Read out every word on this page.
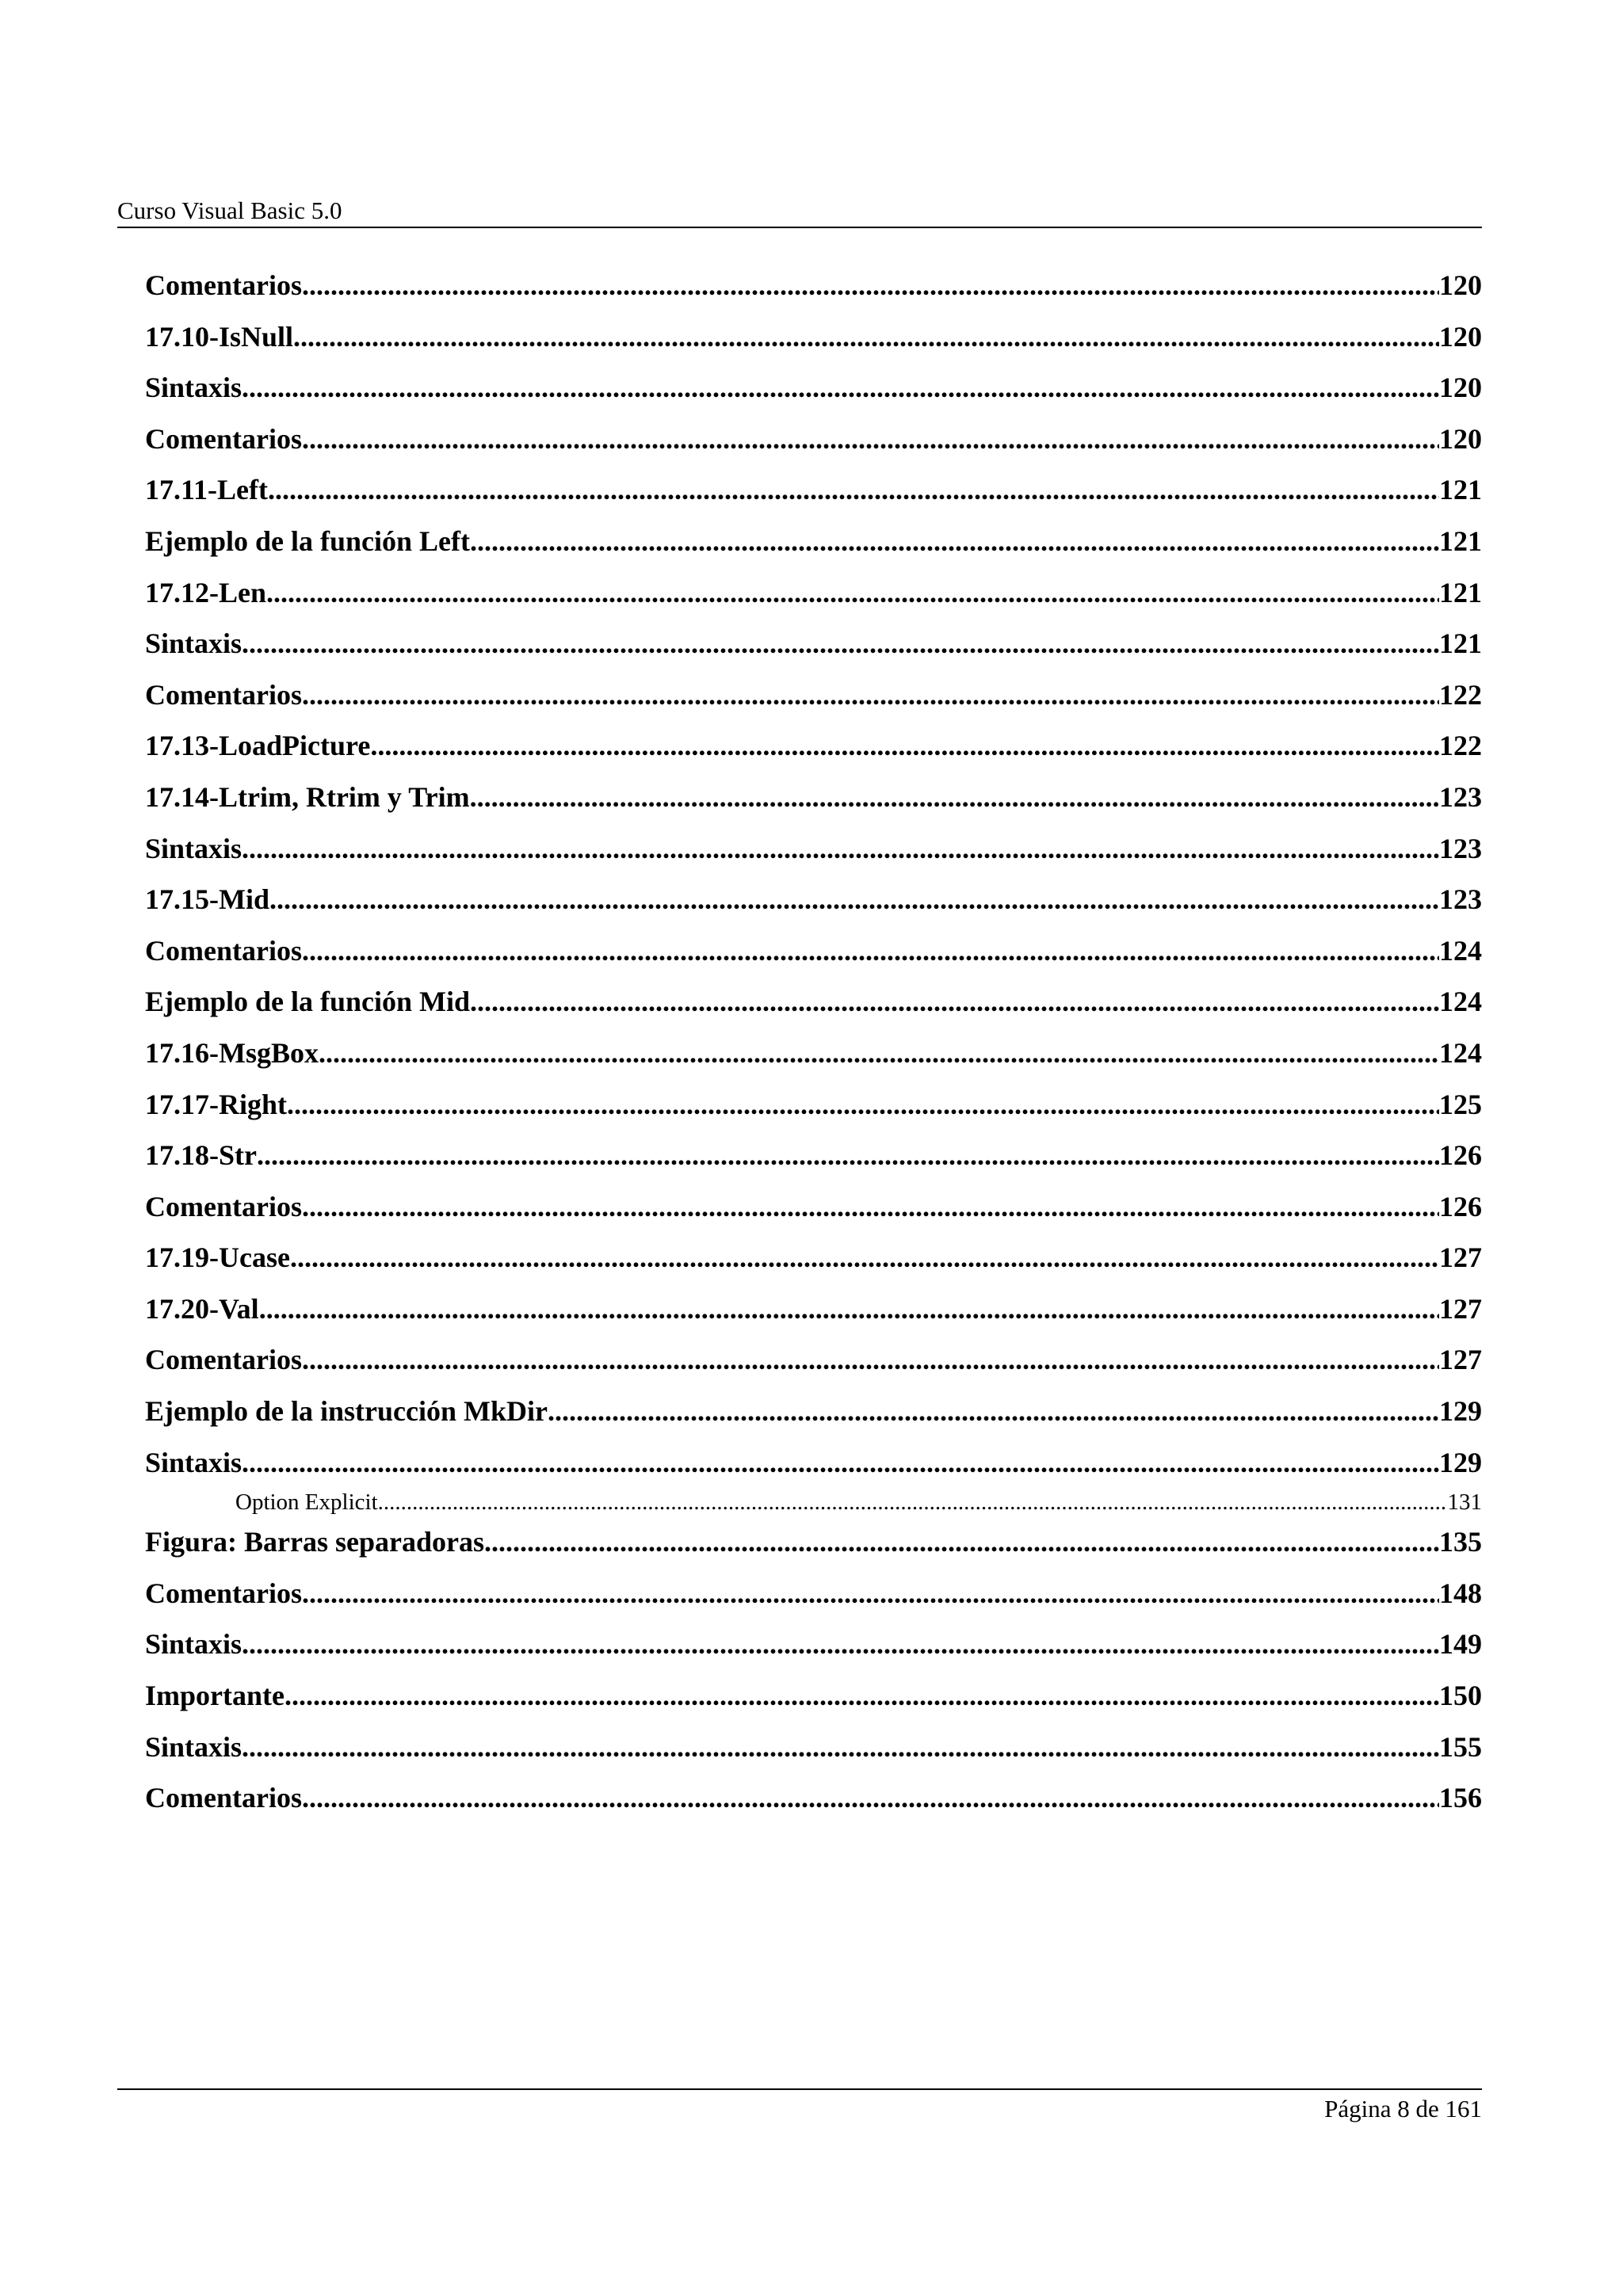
Curso Visual Basic 5.0
Comentarios .....	120
17.10-IsNull .....	120
Sintaxis .....	120
Comentarios .....	120
17.11-Left .....	121
Ejemplo de la función Left .....	121
17.12-Len .....	121
Sintaxis .....	121
Comentarios .....	122
17.13-LoadPicture .....	122
17.14-Ltrim, Rtrim y Trim .....	123
Sintaxis .....	123
17.15-Mid .....	123
Comentarios .....	124
Ejemplo de la función Mid .....	124
17.16-MsgBox .....	124
17.17-Right .....	125
17.18-Str .....	126
Comentarios .....	126
17.19-Ucase .....	127
17.20-Val .....	127
Comentarios .....	127
Ejemplo de la instrucción MkDir .....	129
Sintaxis .....	129
Option Explicit .....	131
Figura: Barras separadoras .....	135
Comentarios .....	148
Sintaxis .....	149
Importante .....	150
Sintaxis .....	155
Comentarios .....	156
Página 8 de 161
